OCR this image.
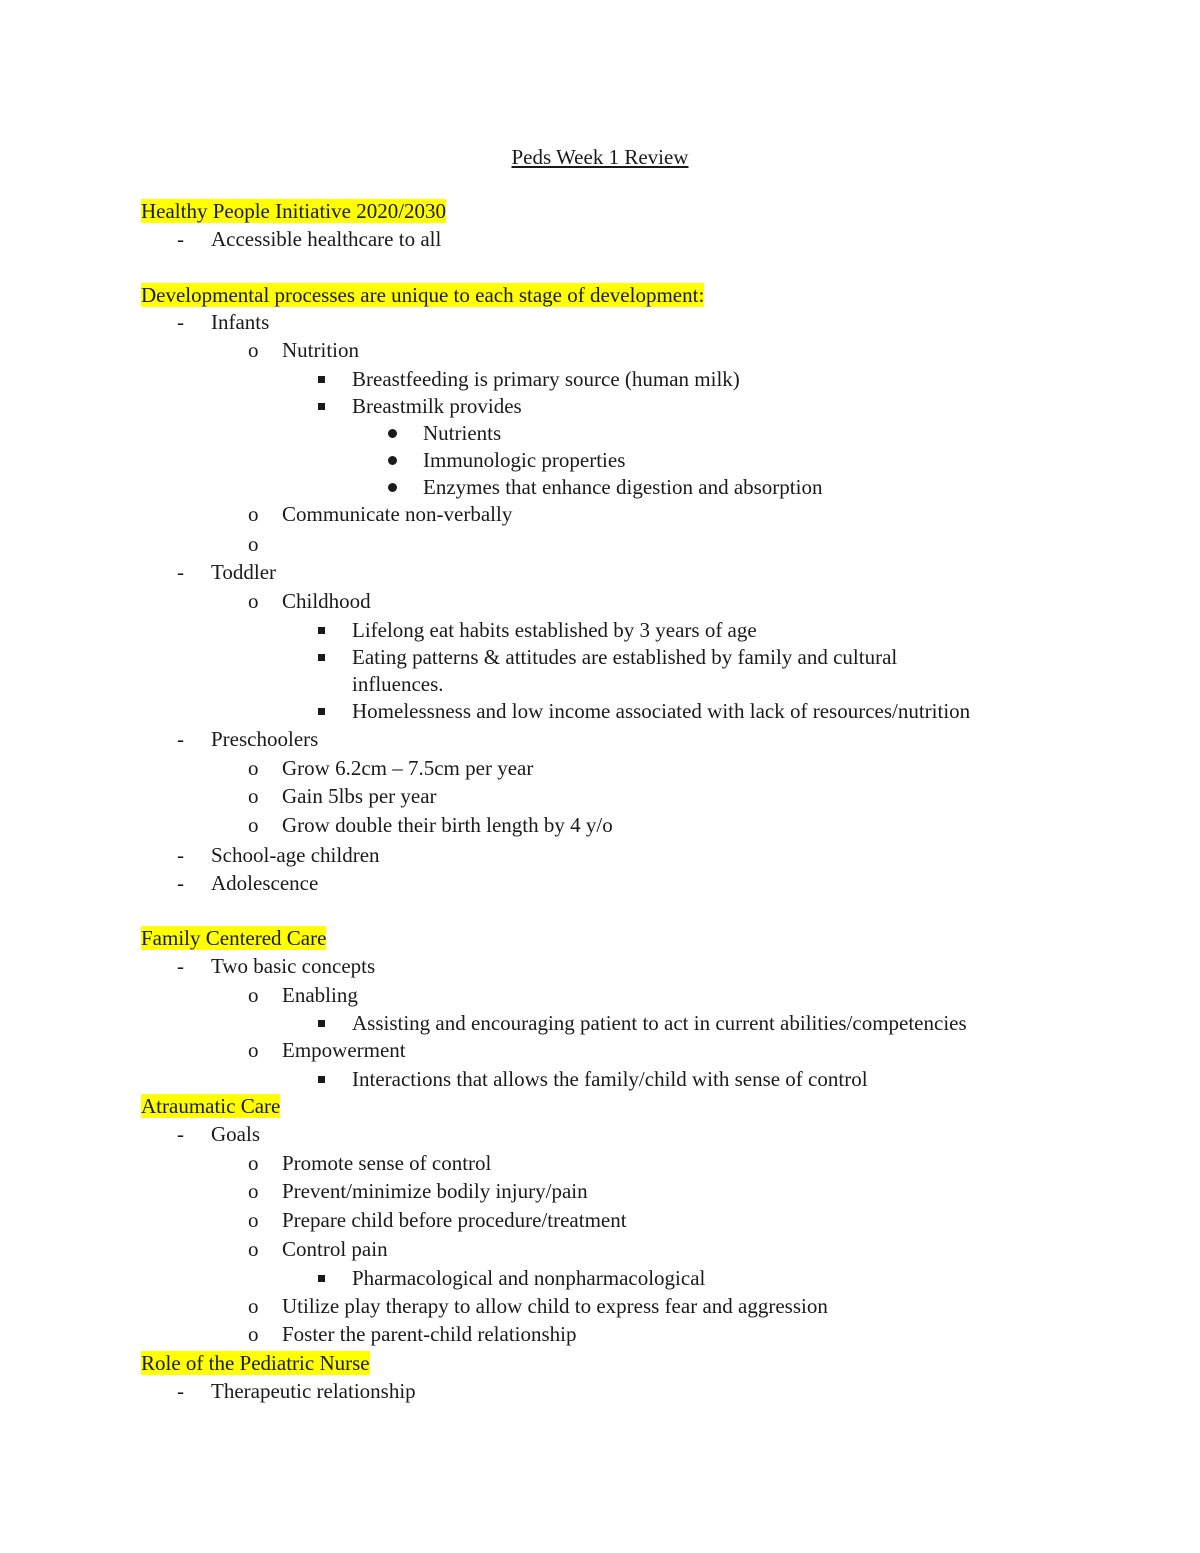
Peds Week 1 Review
Healthy People Initiative 2020/2030
- Accessible healthcare to all
Developmental processes are unique to each stage of development:
- Infants
o Nutrition
Breastfeeding is primary source (human milk)
Breastmilk provides
Nutrients
Immunologic properties
Enzymes that enhance digestion and absorption
o Communicate non-verbally
o
- Toddler
o Childhood
Lifelong eat habits established by 3 years of age
Eating patterns & attitudes are established by family and cultural
influences.
Homelessness and low income associated with lack of resources/nutrition
- Preschoolers
o Grow 6.2cm – 7.5cm per year
o Gain 5lbs per year
o Grow double their birth length by 4 y/o
- School-age children
- Adolescence
Family Centered Care
- Two basic concepts
o Enabling
Assisting and encouraging patient to act in current abilities/competencies
o Empowerment
Interactions that allows the family/child with sense of control
Atraumatic Care
- Goals
o Promote sense of control
o Prevent/minimize bodily injury/pain
o Prepare child before procedure/treatment
o Control pain
Pharmacological and nonpharmacological
o Utilize play therapy to allow child to express fear and aggression
o Foster the parent-child relationship
Role of the Pediatric Nurse
- Therapeutic relationship
